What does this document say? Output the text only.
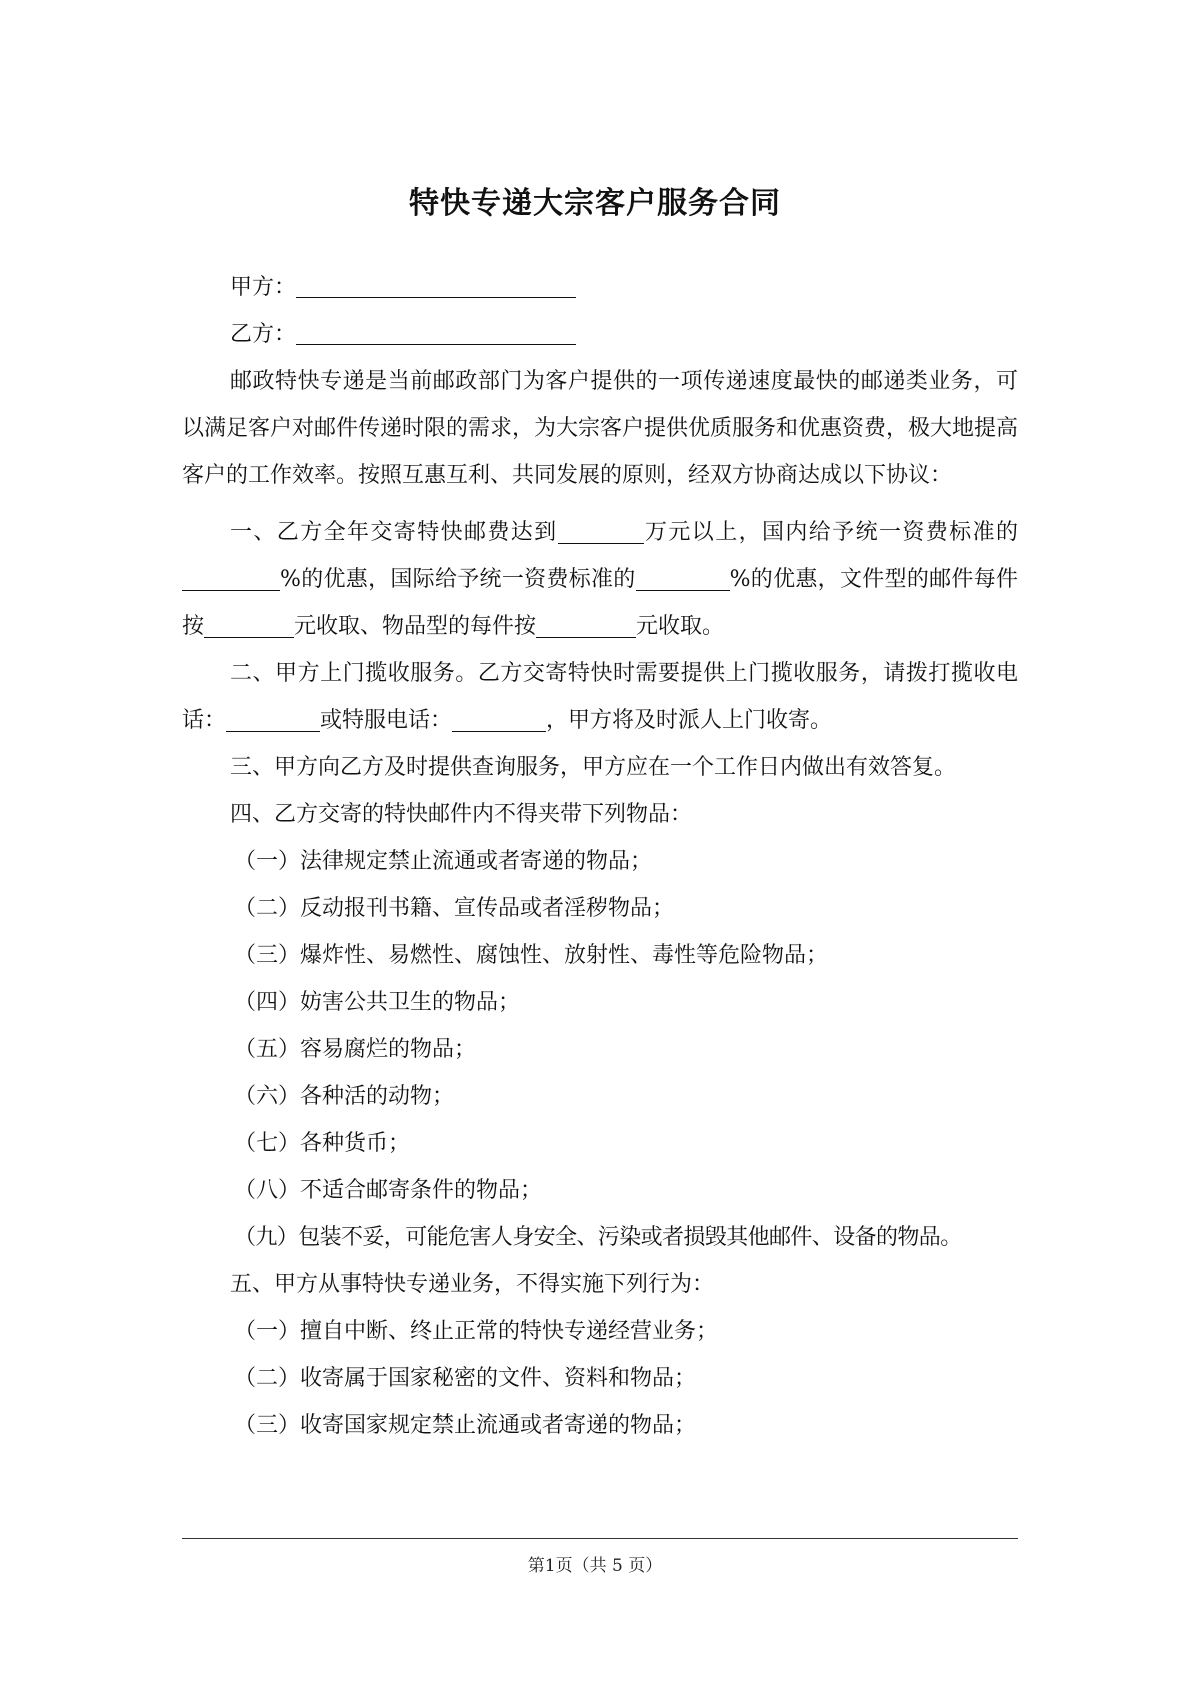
特快专递大宗客户服务合同
甲方：
乙方：
邮政特快专递是当前邮政部门为客户提供的一项传递速度最快的邮递类业务，可以满足客户对邮件传递时限的需求，为大宗客户提供优质服务和优惠资费，极大地提高客户的工作效率。按照互惠互利、共同发展的原则，经双方协商达成以下协议：
一、乙方全年交寄特快邮费达到	万元以上，国内给予统一资费标准的%的优惠，国际给予统一资费标准的	%的优惠，文件型的邮件每件按	元收取、物品型的每件按	元收取。
二、甲方上门揽收服务。乙方交寄特快时需要提供上门揽收服务，请拨打揽收电话：	或特服电话：	，甲方将及时派人上门收寄。
三、甲方向乙方及时提供查询服务，甲方应在一个工作日内做出有效答复。
四、乙方交寄的特快邮件内不得夹带下列物品：
（一）法律规定禁止流通或者寄递的物品；
（二）反动报刊书籍、宣传品或者淫秽物品；
（三）爆炸性、易燃性、腐蚀性、放射性、毒性等危险物品；
（四）妨害公共卫生的物品；
（五）容易腐烂的物品；
（六）各种活的动物；
（七）各种货币；
（八）不适合邮寄条件的物品；
（九）包装不妥，可能危害人身安全、污染或者损毁其他邮件、设备的物品。
五、甲方从事特快专递业务，不得实施下列行为：
（一）擅自中断、终止正常的特快专递经营业务；
（二）收寄属于国家秘密的文件、资料和物品；
（三）收寄国家规定禁止流通或者寄递的物品；
第1页（共 5 页）
